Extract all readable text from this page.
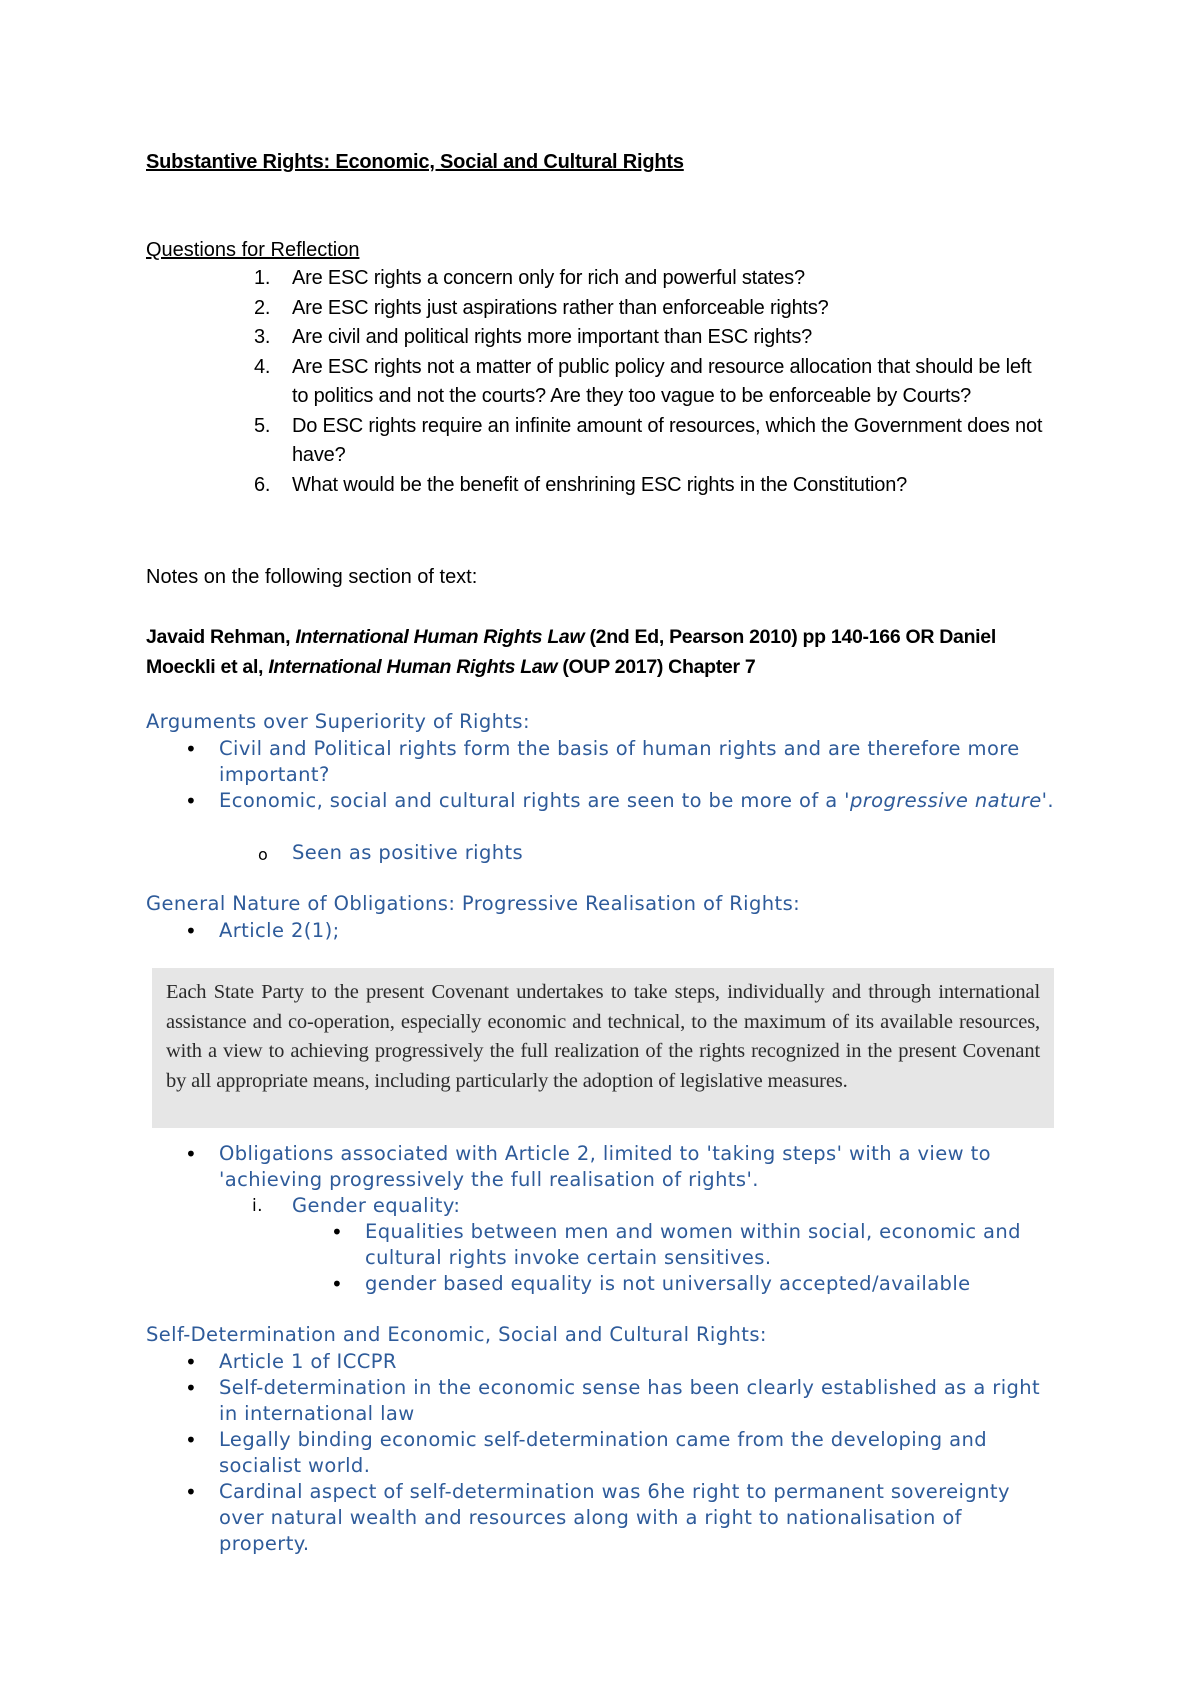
Substantive Rights: Economic, Social and Cultural Rights
Questions for Reflection
1. Are ESC rights a concern only for rich and powerful states?
2. Are ESC rights just aspirations rather than enforceable rights?
3. Are civil and political rights more important than ESC rights?
4. Are ESC rights not a matter of public policy and resource allocation that should be left to politics and not the courts? Are they too vague to be enforceable by Courts?
5. Do ESC rights require an infinite amount of resources, which the Government does not have?
6. What would be the benefit of enshrining ESC rights in the Constitution?
Notes on the following section of text:
Javaid Rehman, International Human Rights Law (2nd Ed, Pearson 2010) pp 140-166 OR Daniel Moeckli et al, International Human Rights Law (OUP 2017) Chapter 7
Arguments over Superiority of Rights:
• Civil and Political rights form the basis of human rights and are therefore more important?
• Economic, social and cultural rights are seen to be more of a 'progressive nature'.
o Seen as positive rights
General Nature of Obligations: Progressive Realisation of Rights:
• Article 2(1);

Each State Party to the present Covenant undertakes to take steps, individually and through international assistance and co-operation, especially economic and technical, to the maximum of its available resources, with a view to achieving progressively the full realization of the rights recognized in the present Covenant by all appropriate means, including particularly the adoption of legislative measures.

• Obligations associated with Article 2, limited to 'taking steps' with a view to 'achieving progressively the full realisation of rights'.
i. Gender equality:
• Equalities between men and women within social, economic and cultural rights invoke certain sensitives.
• gender based equality is not universally accepted/available
Self-Determination and Economic, Social and Cultural Rights:
• Article 1 of ICCPR
• Self-determination in the economic sense has been clearly established as a right in international law
• Legally binding economic self-determination came from the developing and socialist world.
• Cardinal aspect of self-determination was 6he right to permanent sovereignty over natural wealth and resources along with a right to nationalisation of property.
